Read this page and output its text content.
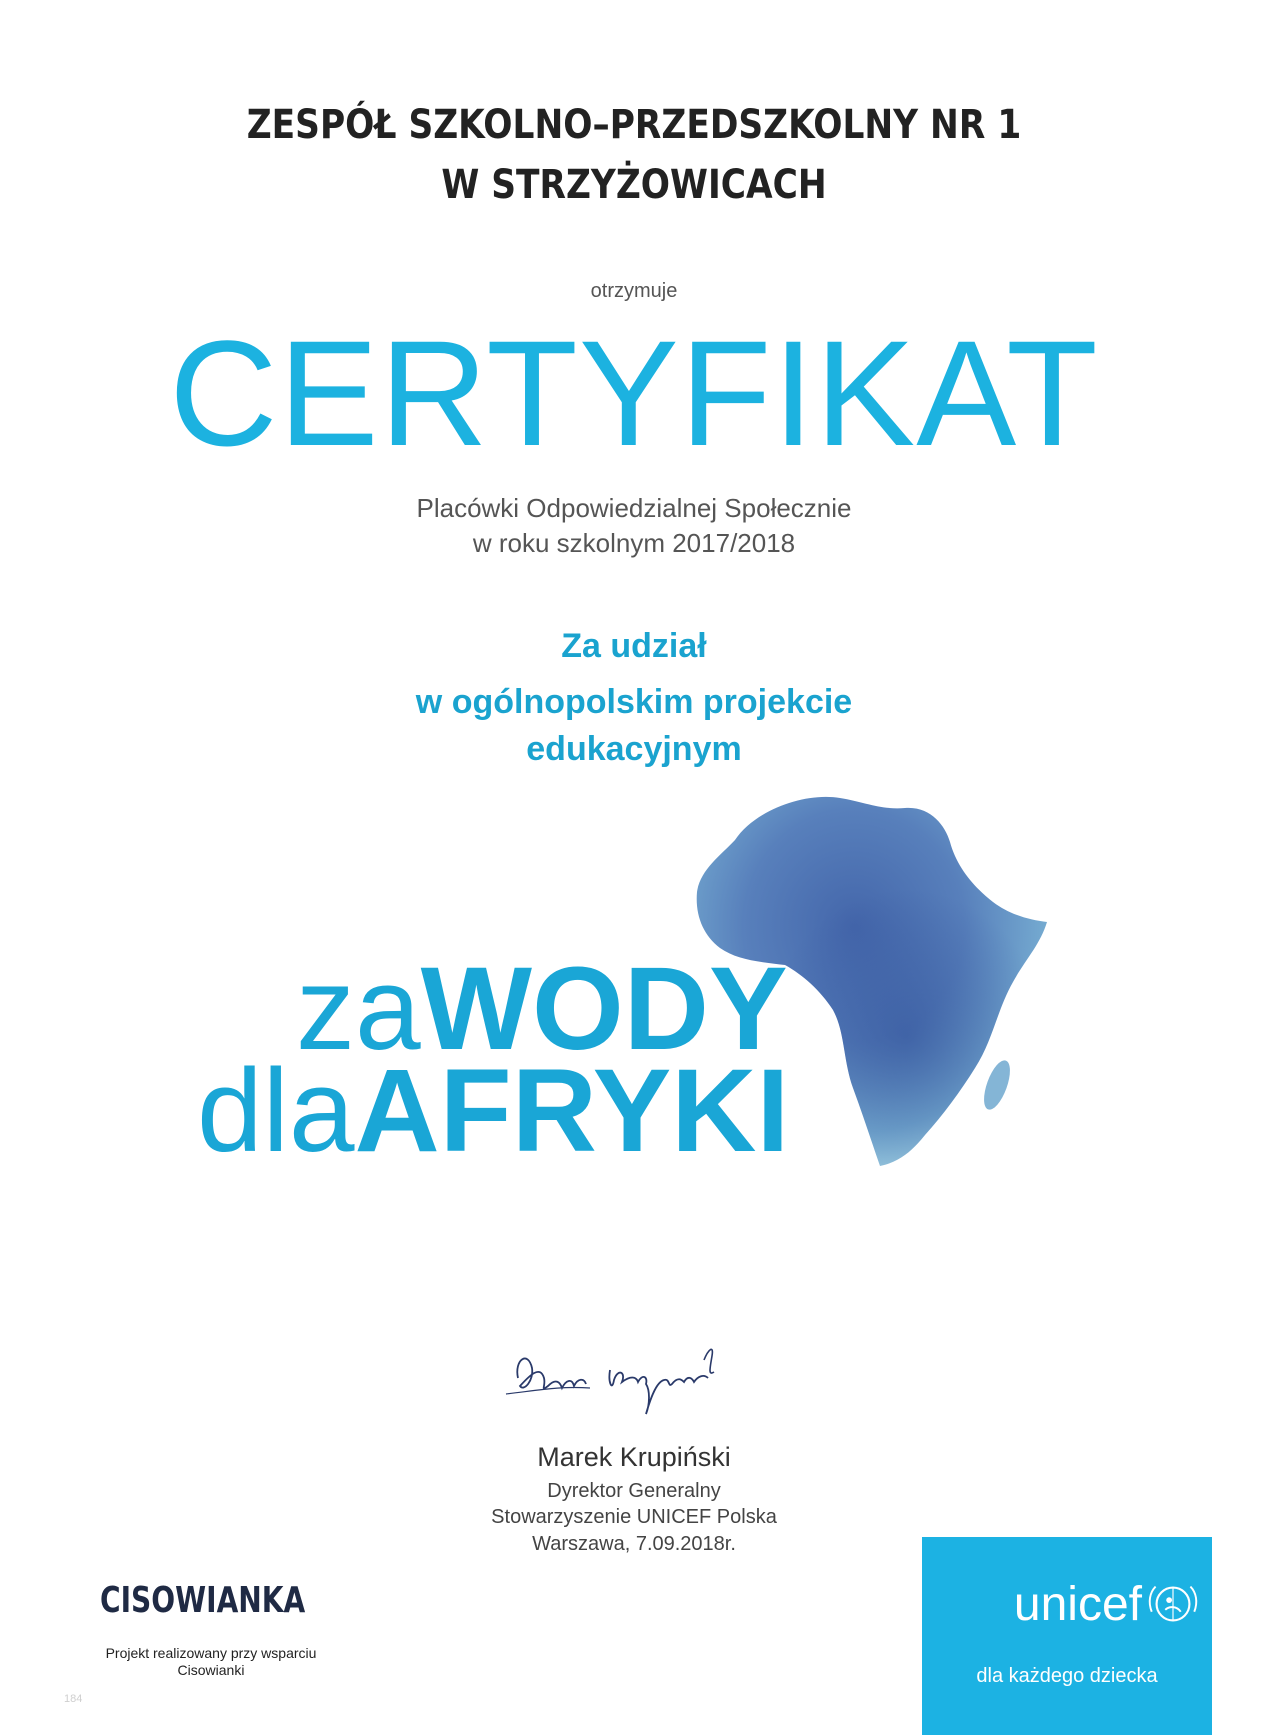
ZESPÓŁ SZKOLNO–PRZEDSZKOLNY NR 1
W STRZYŻOWICACH
otrzymuje
CERTYFIKAT
Placówki Odpowiedzialnej Społecznie
w roku szkolnym 2017/2018
Za udział
w ogólnopolskim projekcie
edukacyjnym
zaWODY
dlaAFRYKI
Marek Krupiński
Dyrektor Generalny
Stowarzyszenie UNICEF Polska
Warszawa, 7.09.2018r.
CISOWIANKA
Projekt realizowany przy wsparciu
Cisowianki
unicef
dla każdego dziecka
184
